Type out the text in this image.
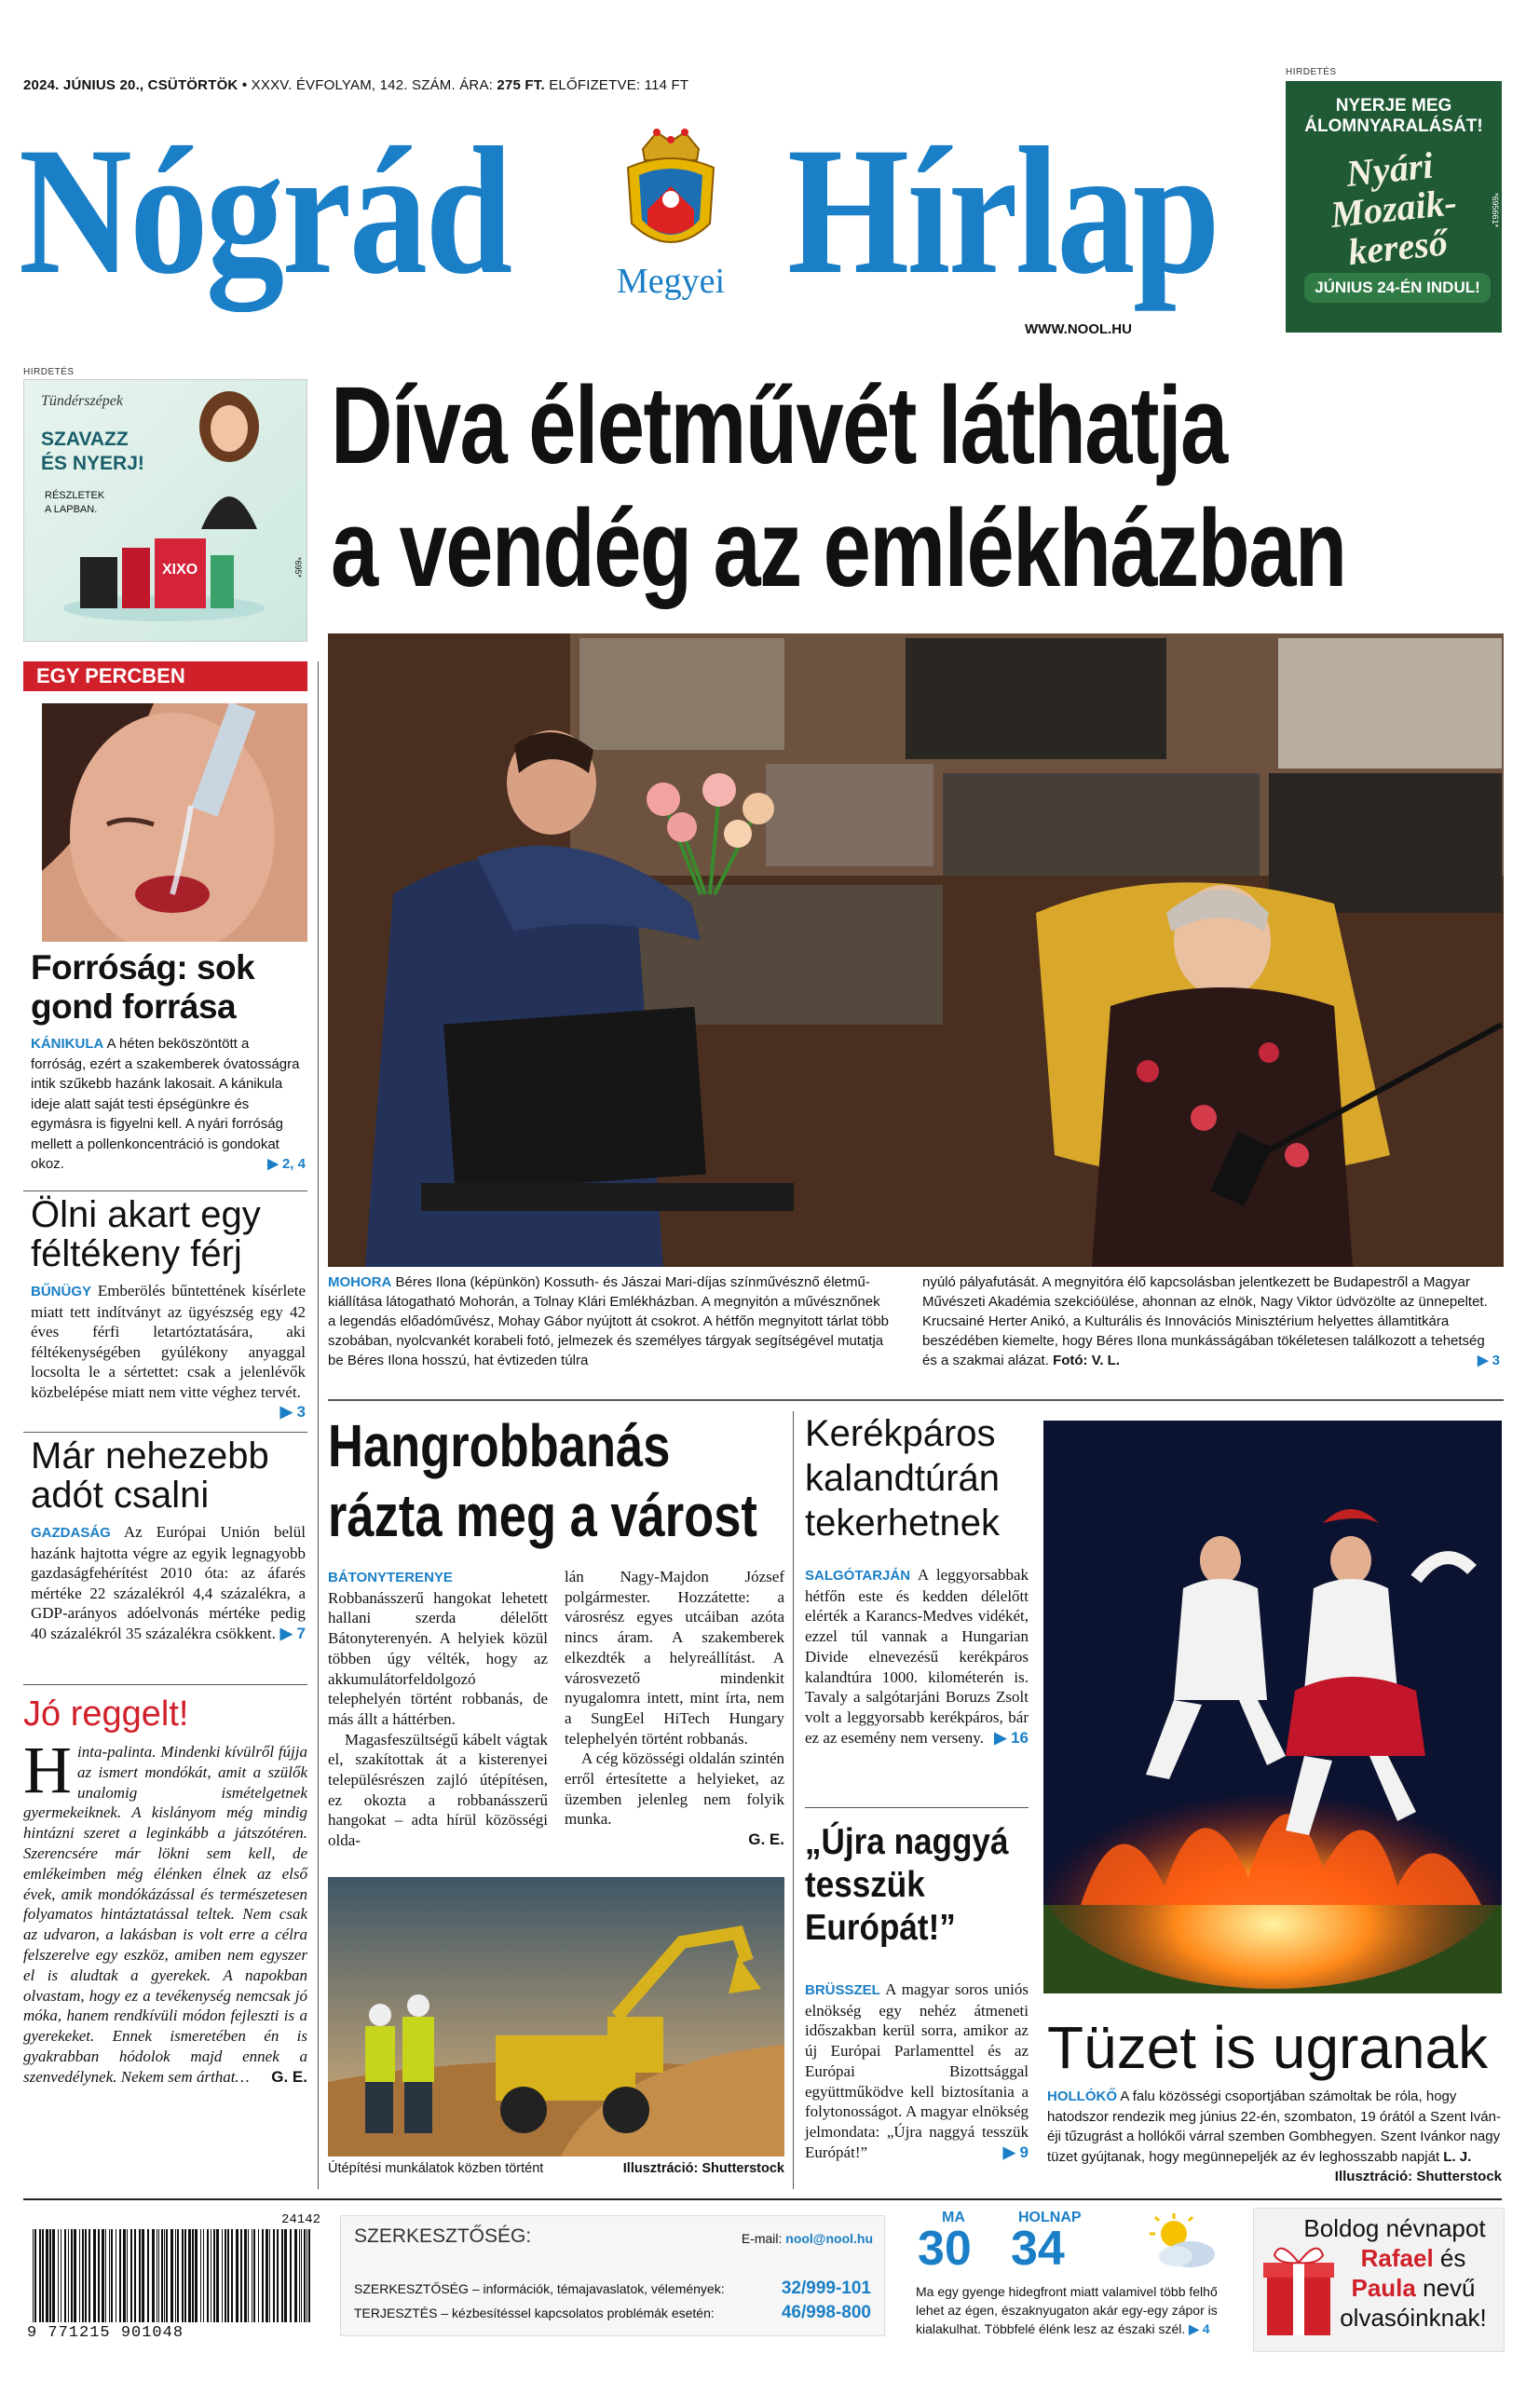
2024. JÚNIUS 20., CSÜTÖRTÖK • XXXV. ÉVFOLYAM, 142. SZÁM. ÁRA: 275 FT. ELŐFIZETVE: 114 FT
Nógrád	Megyei Hírlap
WWW.NOOL.HU
HIRDETÉS
NYERJE MEG
ÁLOMNYARALÁSÁT!
Nyári
Mozaik-
kereső
JÚNIUS 24-ÉN INDUL!
*695661*
HIRDETÉS
Tündérszépek
SZAVAZZ
ÉS NYERJ!
RÉSZLETEK
A LAPBAN.
XIXO	*695*
Díva életművét láthatja
a vendég az emlékházban
MOHORA Béres Ilona (képünkön) Kossuth- és Jászai Mari-díjas színművésznő életmű-kiállítása látogatható Mohorán, a Tolnay Klári Emlékházban. A megnyitón a művésznőnek a legendás előadóművész, Mohay Gábor nyújtott át csokrot. A hétfőn megnyitott tárlat több szobában, nyolcvankét korabeli fotó, jelmezek és személyes tárgyak segítségével mutatja be Béres Ilona hosszú, hat évtizeden túlra
nyúló pályafutását. A megnyitóra élő kapcsolásban jelentkezett be Budapestről a Magyar Művészeti Akadémia szekcióülése, ahonnan az elnök, Nagy Viktor üdvözölte az ünnepeltet. Krucsainé Herter Anikó, a Kulturális és Innovációs Minisztérium helyettes államtitkára beszédében kiemelte, hogy Béres Ilona munkásságában tökéletesen találkozott a tehetség és a szakmai alázat. Fotó: V. L.	▶ 3
EGY PERCBEN
Forróság: sok gond forrása
KÁNIKULA A héten beköszöntött a forróság, ezért a szakemberek óvatosságra intik szűkebb hazánk lakosait. A kánikula ideje alatt saját testi épségünkre és egymásra is figyelni kell. A nyári forróság mellett a pollenkoncentráció is gondokat okoz.	▶ 2, 4
Ölni akart egy féltékeny férj
BŰNÜGY Emberölés bűntettének kísérlete miatt tett indítványt az ügyészség egy 42 éves férfi letartóztatására, aki féltékenységében gyúlékony anyaggal locsolta le a sértettet: csak a jelenlévők közbelépése miatt nem vitte véghez tervét.
▶ 3
Már nehezebb adót csalni
GAZDASÁG Az Európai Unión belül hazánk hajtotta végre az egyik legnagyobb gazdaságfehérítést 2010 óta: az áfarés mértéke 22 százalékról 4,4 százalékra, a GDP-arányos adóelvonás mértéke pedig 40 százalékról 35 százalékra csökkent. ▶ 7
Jó reggelt!
H inta-palinta. Mindenki kívülről fújja az ismert mondókát, amit a szülők unalomig ismételgetnek gyermekeiknek. A kislányom még mindig hintázni szeret a leginkább a játszótéren. Szerencsére már lökni sem kell, de emlékeimben még élénken élnek az első évek, amik mondókázással és természetesen folyamatos hintáztatással teltek. Nem csak az udvaron, a lakásban is volt erre a célra felszerelve egy eszköz, amiben nem egyszer el is aludtak a gyerekek. A napokban olvastam, hogy ez a tevékenység nemcsak jó móka, hanem rendkívüli módon fejleszti is a gyerekeket. Ennek ismeretében én is gyakrabban hódolok majd ennek a szenvedélynek. Nekem sem árthat… G. E.
Hangrobbanás
rázta meg a várost
BÁTONYTERENYE Robbanásszerű hangokat lehetett hallani szerda délelőtt Bátonyterenyén. A helyiek közül többen úgy vélték, hogy az akkumulátorfeldolgozó telephelyén történt robbanás, de más állt a háttérben.
Magasfeszültségű kábelt vágtak el, szakítottak át a kisterenyei településrészen zajló útépítésen, ez okozta a robbanásszerű hangokat – adta hírül közösségi olda-
lán Nagy-Majdon József polgármester. Hozzátette: a városrész egyes utcáiban azóta nincs áram. A szakemberek elkezdték a helyreállítást. A városvezető mindenkit nyugalomra intett, mint írta, nem a SungEel HiTech Hungary telephelyén történt robbanás.
A cég közösségi oldalán szintén erről értesítette a helyieket, az üzemben jelenleg nem folyik munka.
G. E.
Útépítési munkálatok közben történt	Illusztráció: Shutterstock
Kerékpáros kalandtúrán tekerhetnek
SALGÓTARJÁN A leggyorsabbak hétfőn este és kedden délelőtt elérték a Karancs-Medves vidékét, ezzel túl vannak a Hungarian Divide elnevezésű kerékpáros kalandtúra 1000. kilométerén is. Tavaly a salgótarjáni Boruzs Zsolt volt a leggyorsabb kerékpáros, bár ez az esemény nem verseny. ▶ 16
„Újra naggyá tesszük Európát!”
BRÜSSZEL A magyar soros uniós elnökség egy nehéz átmeneti időszakban kerül sorra, amikor az új Európai Parlamenttel és az Európai Bizottsággal együttműködve kell biztosítania a folytonosságot. A magyar elnökség jelmondata: „Újra naggyá tesszük Európát!”	▶ 9
Tüzet is ugranak
HOLLÓKŐ A falu közösségi csoportjában számoltak be róla, hogy hatodszor rendezik meg június 22-én, szombaton, 19 órától a Szent Iván-éji tűzugrást a hollókői várral szemben Gombhegyen. Szent Ivánkor nagy tüzet gyújtanak, hogy megünnepeljék az év leghosszabb napját L. J.
Illusztráció: Shutterstock
24142
9 771215 901048
SZERKESZTŐSÉG:	E-mail: nool@nool.hu
SZERKESZTŐSÉG – információk, témajavaslatok, vélemények:	32/999-101
TERJESZTÉS – kézbesítéssel kapcsolatos problémák esetén:	46/998-800
MA
30
HOLNAP
34
Ma egy gyenge hidegfront miatt valamivel több felhő lehet az égen, északnyugaton akár egy-egy zápor is kialakulhat. Többfelé élénk lesz az északi szél. ▶ 4
Boldog névnapot
Rafael és
Paula nevű
olvasóinknak!
